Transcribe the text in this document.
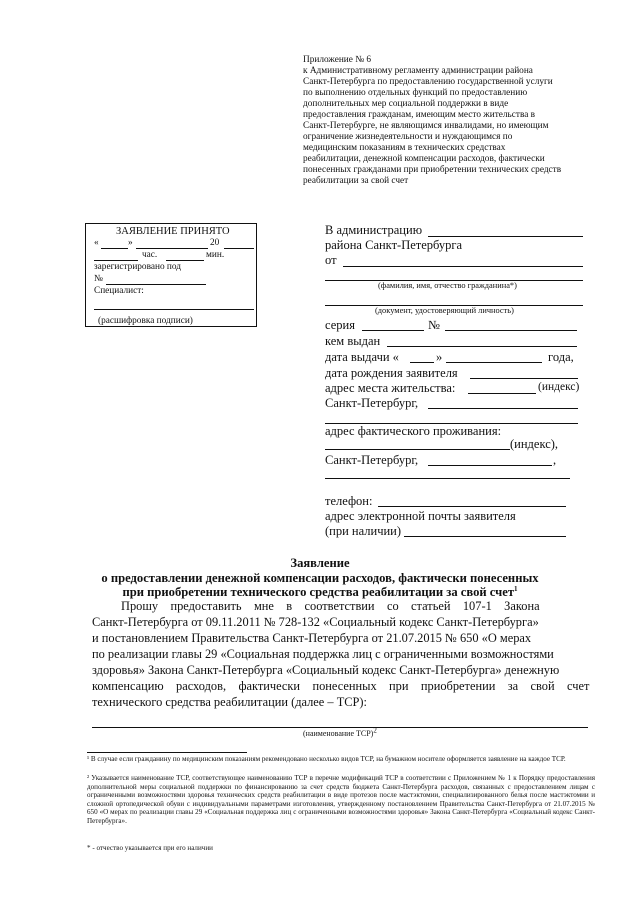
Приложение № 6
к Административному регламенту администрации района
Санкт-Петербурга по предоставлению государственной услуги
по выполнению отдельных функций по предоставлению
дополнительных мер социальной поддержки в виде
предоставления гражданам, имеющим место жительства в
Санкт-Петербурге, не являющимся инвалидами, но имеющим
ограничение жизнедеятельности и нуждающимся по
медицинским показаниям в технических средствах
реабилитации, денежной компенсации расходов, фактически
понесенных гражданами при приобретении технических средств
реабилитации за свой счет
ЗАЯВЛЕНИЕ ПРИНЯТО
«	»	20
час.	мин.
зарегистрировано под
№
Специалист:
(расшифровка подписи)
В администрацию
района Санкт-Петербурга
от
(фамилия, имя, отчество гражданина*)
(документ, удостоверяющий личность)
серия	№
кем выдан
дата выдачи «	»	года,
дата рождения заявителя
адрес места жительства:	(индекс)
Санкт-Петербург,
адрес фактического проживания:
(индекс),
Санкт-Петербург,	,
телефон:
адрес электронной почты заявителя
(при наличии)
Заявление
о предоставлении денежной компенсации расходов, фактически понесенных
при приобретении технического средства реабилитации за свой счет$^1$
Прошу    предоставить    мне    в    соответствии    со    статьей    107-1    Закона
Санкт-Петербурга от 09.11.2011 № 728-132 «Социальный кодекс Санкт-Петербурга»
и постановлением Правительства Санкт-Петербурга от 21.07.2015 № 650 «О мерах
по реализации главы 29 «Социальная поддержка лиц с ограниченными возможностями
здоровья» Закона Санкт-Петербурга «Социальный кодекс Санкт-Петербурга» денежную
компенсацию    расходов,    фактически    понесенных    при    приобретении    за    свой    счет
технического средства реабилитации (далее – ТСР):
(наименование ТСР)$^2$
¹ В случае если гражданину по медицинским показаниям рекомендовано несколько видов ТСР, на бумажном носителе оформляется заявление на каждое ТСР.
² Указывается наименование ТСР, соответствующее наименованию ТСР в перечне модификаций ТСР в соответствии с Приложением № 1 к Порядку предоставления дополнительной меры социальной поддержки по финансированию за счет средств бюджета Санкт-Петербурга расходов, связанных с предоставлением лицам с ограниченными возможностями здоровья технических средств реабилитации в виде протезов после мастэктомии, специализированного белья после мастэктомии и сложной ортопедической обуви с индивидуальными параметрами изготовления, утвержденному постановлением Правительства Санкт-Петербурга от 21.07.2015 № 650 «О мерах по реализации главы 29 «Социальная поддержка лиц с ограниченными возможностями здоровья» Закона Санкт-Петербурга «Социальный кодекс Санкт-Петербурга».
* - отчество указывается при его наличии
